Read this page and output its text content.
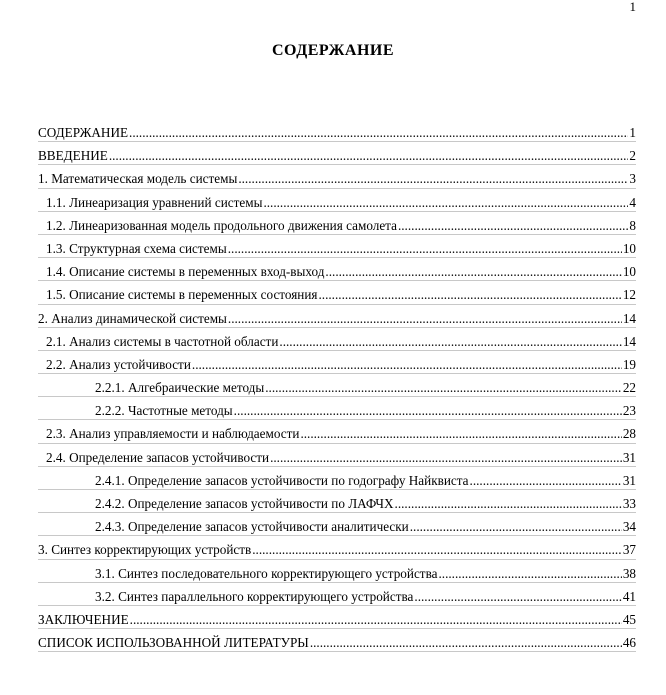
1
СОДЕРЖАНИЕ
СОДЕРЖАНИЕ .....	1
ВВЕДЕНИЕ .....	2
1. Математическая модель системы .....	3
1.1. Линеаризация уравнений системы .....	4
1.2. Линеаризованная модель продольного движения самолета .....	8
1.3. Структурная схема системы .....	10
1.4. Описание системы в переменных вход-выход .....	10
1.5. Описание системы в переменных состояния .....	12
2. Анализ динамической системы .....	14
2.1. Анализ системы в частотной области .....	14
2.2. Анализ устойчивости .....	19
2.2.1. Алгебраические методы .....	22
2.2.2. Частотные методы .....	23
2.3. Анализ управляемости и наблюдаемости .....	28
2.4. Определение запасов устойчивости .....	31
2.4.1. Определение запасов устойчивости по годографу Найквиста .....	31
2.4.2. Определение запасов устойчивости по ЛАФЧХ .....	33
2.4.3. Определение запасов устойчивости аналитически .....	34
3. Синтез корректирующих устройств .....	37
3.1. Синтез последовательного корректирующего устройства .....	38
3.2. Синтез параллельного корректирующего устройства .....	41
ЗАКЛЮЧЕНИЕ .....	45
СПИСОК ИСПОЛЬЗОВАННОЙ ЛИТЕРАТУРЫ .....	46
